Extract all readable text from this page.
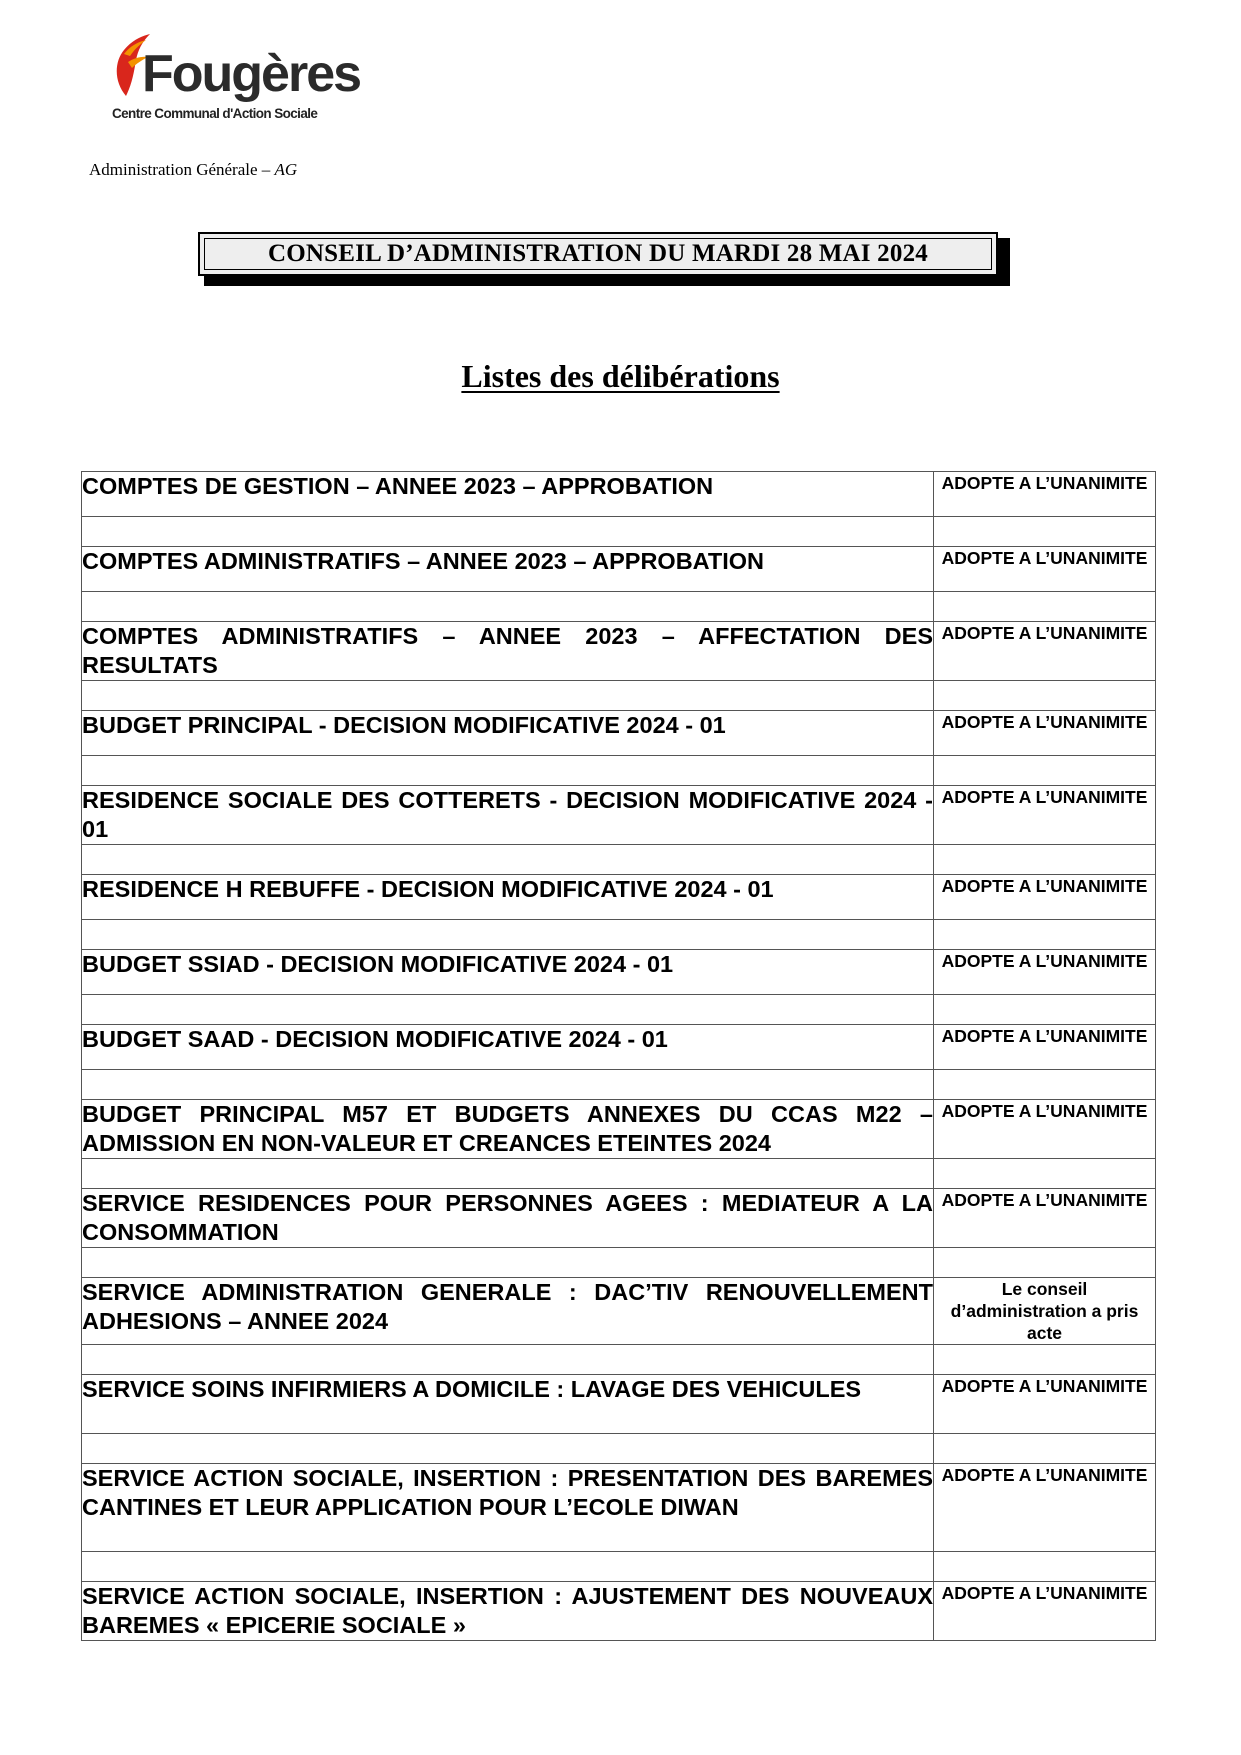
Fougères
Centre Communal d'Action Sociale
Administration Générale – AG
CONSEIL D’ADMINISTRATION DU MARDI 28 MAI 2024
Listes des délibérations
COMPTES DE GESTION – ANNEE 2023 – APPROBATION	ADOPTE A L’UNANIMITE

COMPTES ADMINISTRATIFS – ANNEE 2023 – APPROBATION	ADOPTE A L’UNANIMITE

COMPTES ADMINISTRATIFS – ANNEE 2023 – AFFECTATION DES RESULTATS	ADOPTE A L’UNANIMITE

BUDGET PRINCIPAL - DECISION MODIFICATIVE 2024 - 01	ADOPTE A L’UNANIMITE

RESIDENCE SOCIALE DES COTTERETS - DECISION MODIFICATIVE 2024 - 01	ADOPTE A L’UNANIMITE

RESIDENCE H REBUFFE - DECISION MODIFICATIVE 2024 - 01	ADOPTE A L’UNANIMITE

BUDGET SSIAD - DECISION MODIFICATIVE 2024 - 01	ADOPTE A L’UNANIMITE

BUDGET SAAD - DECISION MODIFICATIVE 2024 - 01	ADOPTE A L’UNANIMITE

BUDGET PRINCIPAL M57 ET BUDGETS ANNEXES DU CCAS M22 – ADMISSION EN NON-VALEUR ET CREANCES ETEINTES 2024	ADOPTE A L’UNANIMITE

SERVICE RESIDENCES POUR PERSONNES AGEES : MEDIATEUR A LA CONSOMMATION	ADOPTE A L’UNANIMITE

SERVICE ADMINISTRATION GENERALE : DAC’TIV RENOUVELLEMENT ADHESIONS – ANNEE 2024	Le conseil d’administration a pris acte

SERVICE SOINS INFIRMIERS A DOMICILE : LAVAGE DES VEHICULES	ADOPTE A L’UNANIMITE

SERVICE ACTION SOCIALE, INSERTION : PRESENTATION DES BAREMES CANTINES ET LEUR APPLICATION POUR L’ECOLE DIWAN	ADOPTE A L’UNANIMITE

SERVICE ACTION SOCIALE, INSERTION : AJUSTEMENT DES NOUVEAUX BAREMES « EPICERIE SOCIALE »	ADOPTE A L’UNANIMITE
